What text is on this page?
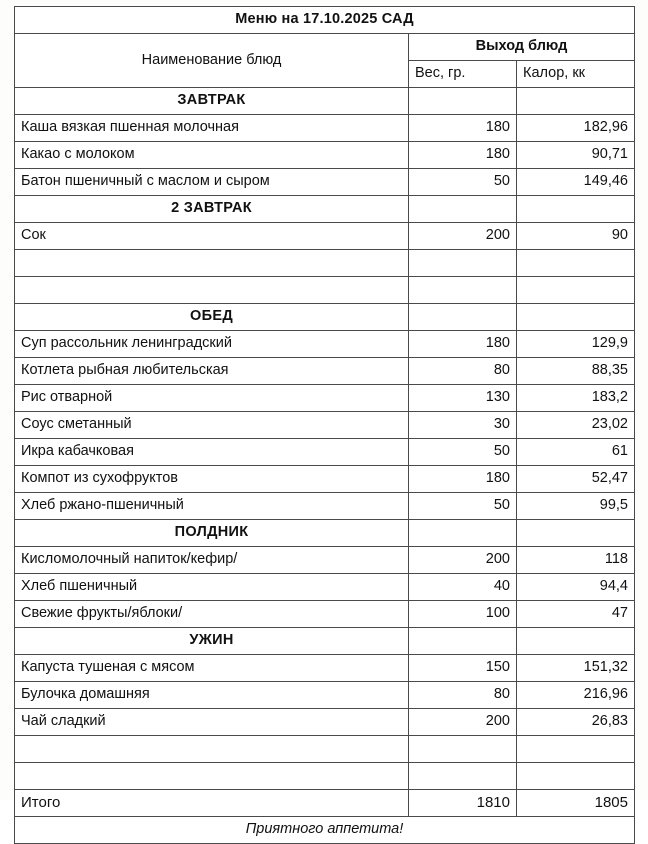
Меню на 17.10.2025 САД		
Наименование блюд	Выход блюд	
	Вес, гр.	Калор, кк
ЗАВТРАК		
Каша вязкая пшенная молочная	180	182,96
Какао с молоком	180	90,71
Батон пшеничный с маслом и сыром	50	149,46
2 ЗАВТРАК		
Сок	200	90

ОБЕД		
Суп рассольник ленинградский	180	129,9
Котлета рыбная любительская	80	88,35
Рис отварной	130	183,2
Соус сметанный	30	23,02
Икра кабачковая	50	61
Компот из сухофруктов	180	52,47
Хлеб ржано-пшеничный	50	99,5
ПОЛДНИК		
Кисломолочный напиток/кефир/	200	118
Хлеб пшеничный	40	94,4
Свежие фрукты/яблоки/	100	47
УЖИН		
Капуста тушеная с мясом	150	151,32
Булочка домашняя	80	216,96
Чай сладкий	200	26,83

Итого	1810	1805
Приятного аппетита!		
